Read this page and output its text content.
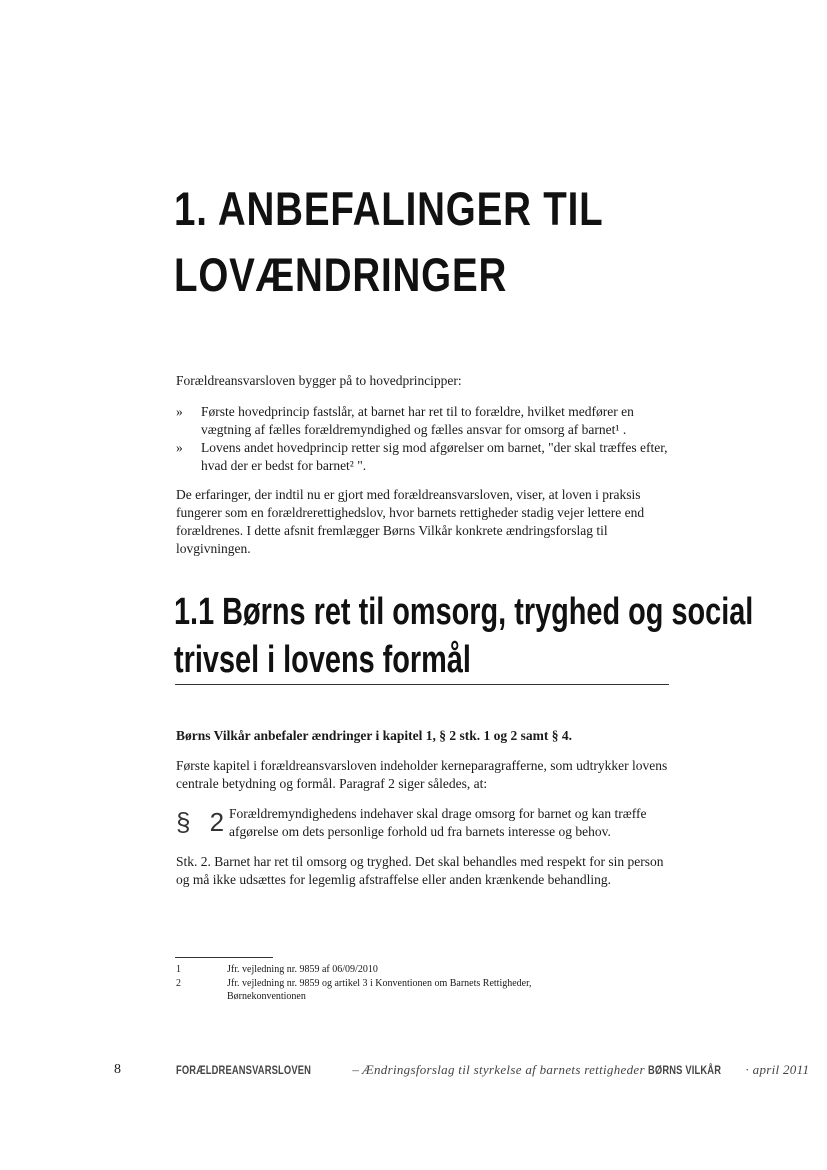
1. ANBEFALINGER TIL
LOVÆNDRINGER
Forældreansvarsloven bygger på to hovedprincipper:
» Første hovedprincip fastslår, at barnet har ret til to forældre, hvilket medfører en vægtning af fælles forældremyndighed og fælles ansvar for omsorg af barnet¹ .
» Lovens andet hovedprincip retter sig mod afgørelser om barnet, "der skal træffes efter, hvad der er bedst for barnet² ".
De erfaringer, der indtil nu er gjort med forældreansvarsloven, viser, at loven i praksis fungerer som en forældrerettighedslov, hvor barnets rettigheder stadig vejer lettere end forældrenes. I dette afsnit fremlægger Børns Vilkår konkrete ændringsforslag til lovgivningen.
1.1 Børns ret til omsorg, tryghed og social
trivsel i lovens formål
Børns Vilkår anbefaler ændringer i kapitel 1, § 2 stk. 1 og 2 samt § 4.
Første kapitel i forældreansvarsloven indeholder kerneparagrafferne, som udtrykker lovens centrale betydning og formål. Paragraf 2 siger således, at:
§ 2
Forældremyndighedens indehaver skal drage omsorg for barnet og kan træffe afgørelse om dets personlige forhold ud fra barnets interesse og behov.
Stk. 2. Barnet har ret til omsorg og tryghed. Det skal behandles med respekt for sin person og må ikke udsættes for legemlig afstraffelse eller anden krænkende behandling.
1	Jfr. vejledning nr. 9859 af 06/09/2010
2	Jfr. vejledning nr. 9859 og artikel 3 i Konventionen om Barnets Rettigheder, Børnekonventionen
8	FORÆLDREANSVARSLOVEN	– Ændringsforslag til styrkelse af barnets rettigheder BØRNS VILKÅR · april 2011
